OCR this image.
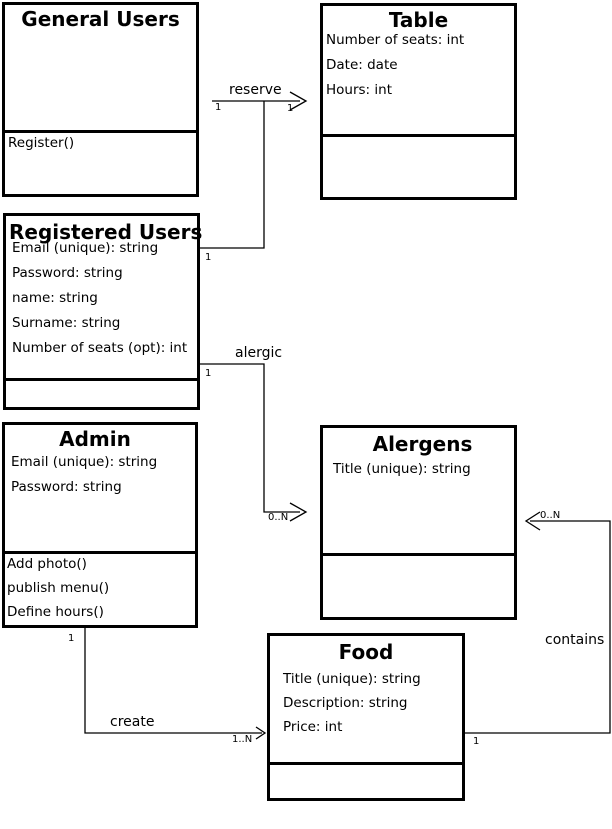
General Users
Register()
Table
Number of seats: int
Date: date
Hours: int
Registered Users
Email (unique): string
Password: string
name: string
Surname: string
Number of seats (opt): int
Admin
Email (unique): string
Password: string
Add photo()
publish menu()
Define hours()
Alergens
Title (unique): string
Food
Title (unique): string
Description: string
Price: int
reserve
1	1
1
alergic
1
0..N
create
1
1..N
contains
1
0..N
